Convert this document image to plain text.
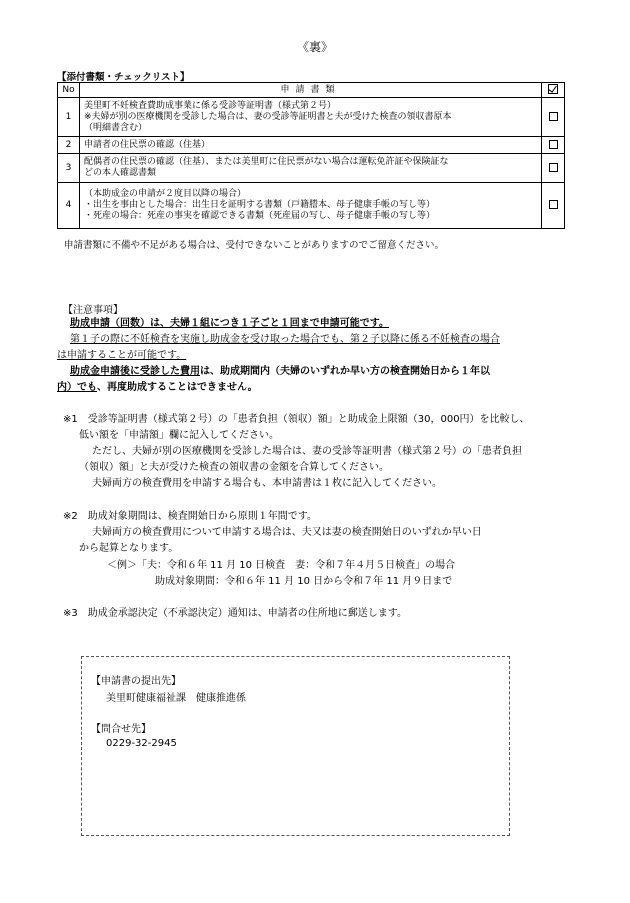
《裏》
【添付書類・チェックリスト】
No	申請書類	
1	美里町不妊検査費助成事業に係る受診等証明書（様式第２号）
※夫婦が別の医療機関を受診した場合は、妻の受診等証明書と夫が受けた検査の領収書原本
（明細書含む）	

2	申請者の住民票の確認（住基）	

3	配偶者の住民票の確認（住基）、または美里町に住民票がない場合は運転免許証や保険証な
どの本人確認書類	

4	（本助成金の申請が２度目以降の場合）
・出生を事由とした場合：出生日を証明する書類（戸籍謄本、母子健康手帳の写し等）
・死産の場合：死産の事実を確認できる書類（死産届の写し、母子健康手帳の写し等）	

申請書類に不備や不足がある場合は、受付できないことがありますのでご留意ください。
【注意事項】
助成申請（回数）は、夫婦１組につき１子ごと１回まで申請可能です。
第１子の際に不妊検査を実施し助成金を受け取った場合でも、第２子以降に係る不妊検査の場合
は申請することが可能です。
助成金申請後に受診した費用は、助成期間内（夫婦のいずれか早い方の検査開始日から１年以
内）でも、再度助成することはできません。
※1　受診等証明書（様式第２号）の「患者負担（領収）額」と助成金上限額（30，000円）を比較し、
低い額を「申請額」欄に記入してください。
ただし、夫婦が別の医療機関を受診した場合は、妻の受診等証明書（様式第２号）の「患者負担
（領収）額」と夫が受けた検査の領収書の金額を合算してください。
夫婦両方の検査費用を申請する場合も、本申請書は１枚に記入してください。
※2　助成対象期間は、検査開始日から原則１年間です。
夫婦両方の検査費用について申請する場合は、夫又は妻の検査開始日のいずれか早い日
から起算となります。
＜例＞「夫：令和６年 11 月 10 日検査　妻：令和７年４月５日検査」の場合
助成対象期間：令和６年 11 月 10 日から令和７年 11 月９日まで
※3　助成金承認決定（不承認決定）通知は、申請者の住所地に郵送します。
【申請書の提出先】
美里町健康福祉課　健康推進係
【問合せ先】
0229-32-2945
